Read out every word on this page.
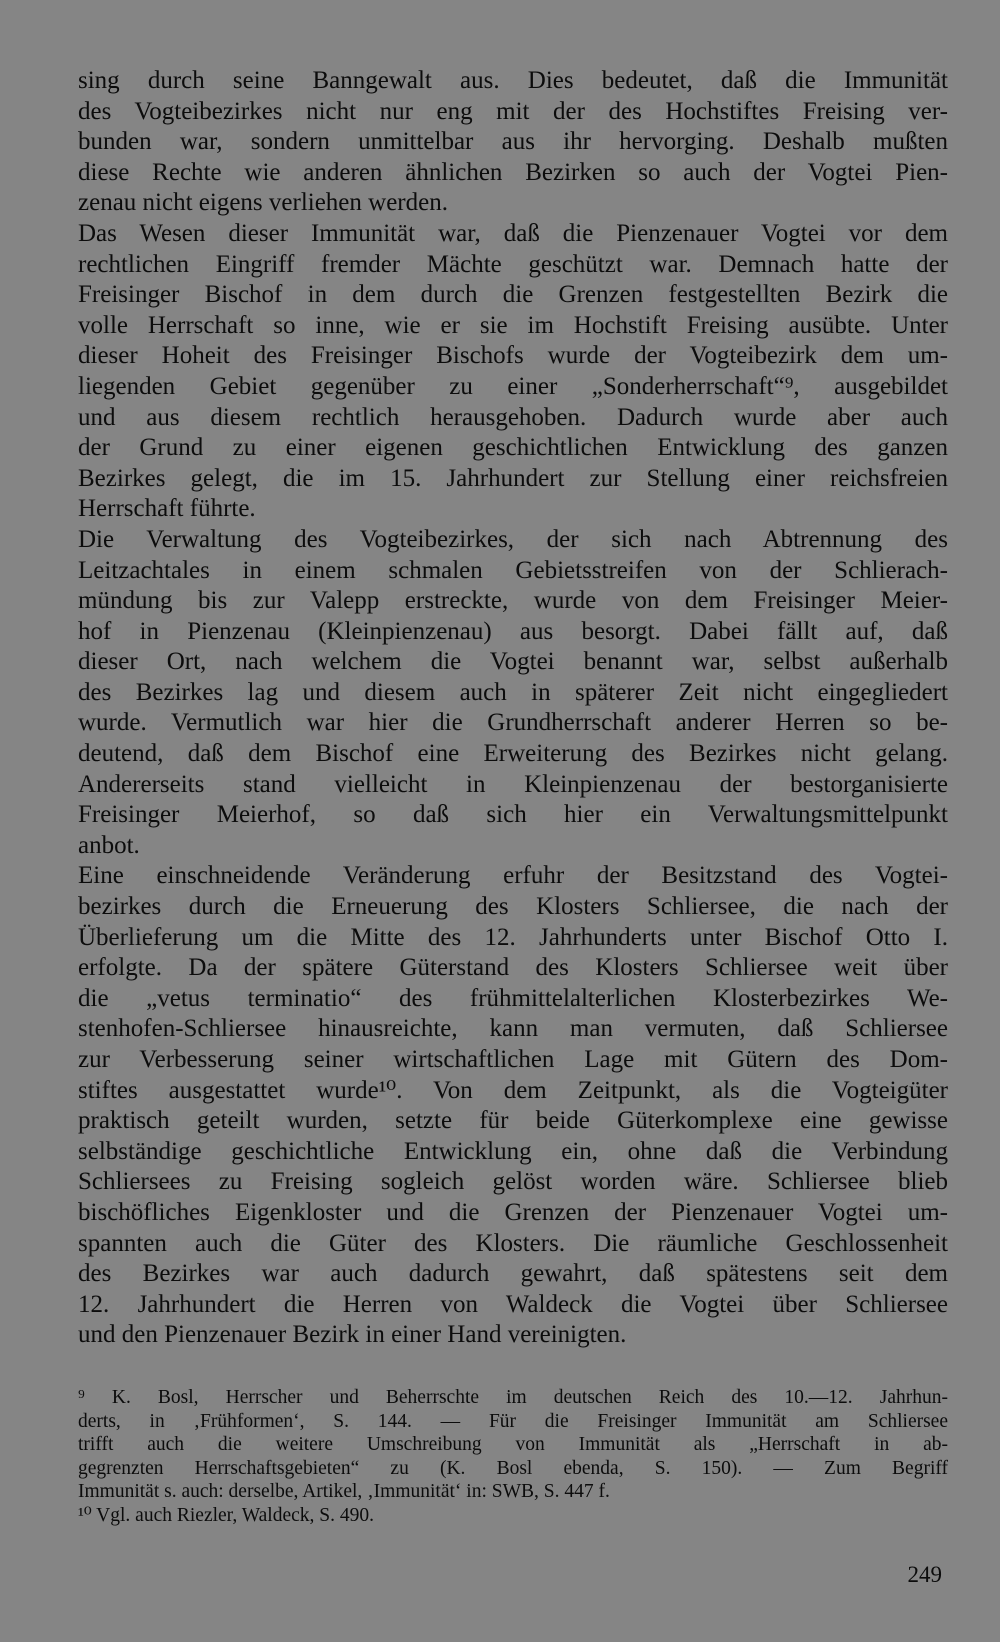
sing durch seine Banngewalt aus. Dies bedeutet, daß die Immunität
des Vogteibezirkes nicht nur eng mit der des Hochstiftes Freising ver-
bunden war, sondern unmittelbar aus ihr hervorging. Deshalb mußten
diese Rechte wie anderen ähnlichen Bezirken so auch der Vogtei Pien-
zenau nicht eigens verliehen werden.
Das Wesen dieser Immunität war, daß die Pienzenauer Vogtei vor dem
rechtlichen Eingriff fremder Mächte geschützt war. Demnach hatte der
Freisinger Bischof in dem durch die Grenzen festgestellten Bezirk die
volle Herrschaft so inne, wie er sie im Hochstift Freising ausübte. Unter
dieser Hoheit des Freisinger Bischofs wurde der Vogteibezirk dem um-
liegenden Gebiet gegenüber zu einer „Sonderherrschaft“⁹, ausgebildet
und aus diesem rechtlich herausgehoben. Dadurch wurde aber auch
der Grund zu einer eigenen geschichtlichen Entwicklung des ganzen
Bezirkes gelegt, die im 15. Jahrhundert zur Stellung einer reichsfreien
Herrschaft führte.
Die Verwaltung des Vogteibezirkes, der sich nach Abtrennung des
Leitzachtales in einem schmalen Gebietsstreifen von der Schlierach-
mündung bis zur Valepp erstreckte, wurde von dem Freisinger Meier-
hof in Pienzenau (Kleinpienzenau) aus besorgt. Dabei fällt auf, daß
dieser Ort, nach welchem die Vogtei benannt war, selbst außerhalb
des Bezirkes lag und diesem auch in späterer Zeit nicht eingegliedert
wurde. Vermutlich war hier die Grundherrschaft anderer Herren so be-
deutend, daß dem Bischof eine Erweiterung des Bezirkes nicht gelang.
Andererseits stand vielleicht in Kleinpienzenau der bestorganisierte
Freisinger Meierhof, so daß sich hier ein Verwaltungsmittelpunkt
anbot.
Eine einschneidende Veränderung erfuhr der Besitzstand des Vogtei-
bezirkes durch die Erneuerung des Klosters Schliersee, die nach der
Überlieferung um die Mitte des 12. Jahrhunderts unter Bischof Otto I.
erfolgte. Da der spätere Güterstand des Klosters Schliersee weit über
die „vetus terminatio“ des frühmittelalterlichen Klosterbezirkes We-
stenhofen-Schliersee hinausreichte, kann man vermuten, daß Schliersee
zur Verbesserung seiner wirtschaftlichen Lage mit Gütern des Dom-
stiftes ausgestattet wurde¹⁰. Von dem Zeitpunkt, als die Vogteigüter
praktisch geteilt wurden, setzte für beide Güterkomplexe eine gewisse
selbständige geschichtliche Entwicklung ein, ohne daß die Verbindung
Schliersees zu Freising sogleich gelöst worden wäre. Schliersee blieb
bischöfliches Eigenkloster und die Grenzen der Pienzenauer Vogtei um-
spannten auch die Güter des Klosters. Die räumliche Geschlossenheit
des Bezirkes war auch dadurch gewahrt, daß spätestens seit dem
12. Jahrhundert die Herren von Waldeck die Vogtei über Schliersee
und den Pienzenauer Bezirk in einer Hand vereinigten.
⁹ K. Bosl, Herrscher und Beherrschte im deutschen Reich des 10.—12. Jahrhun-
derts, in ‚Frühformen‘, S. 144. — Für die Freisinger Immunität am Schliersee
trifft auch die weitere Umschreibung von Immunität als „Herrschaft in ab-
gegrenzten Herrschaftsgebieten“ zu (K. Bosl ebenda, S. 150). — Zum Begriff
Immunität s. auch: derselbe, Artikel, ‚Immunität‘ in: SWB, S. 447 f.
¹⁰ Vgl. auch Riezler, Waldeck, S. 490.
249
